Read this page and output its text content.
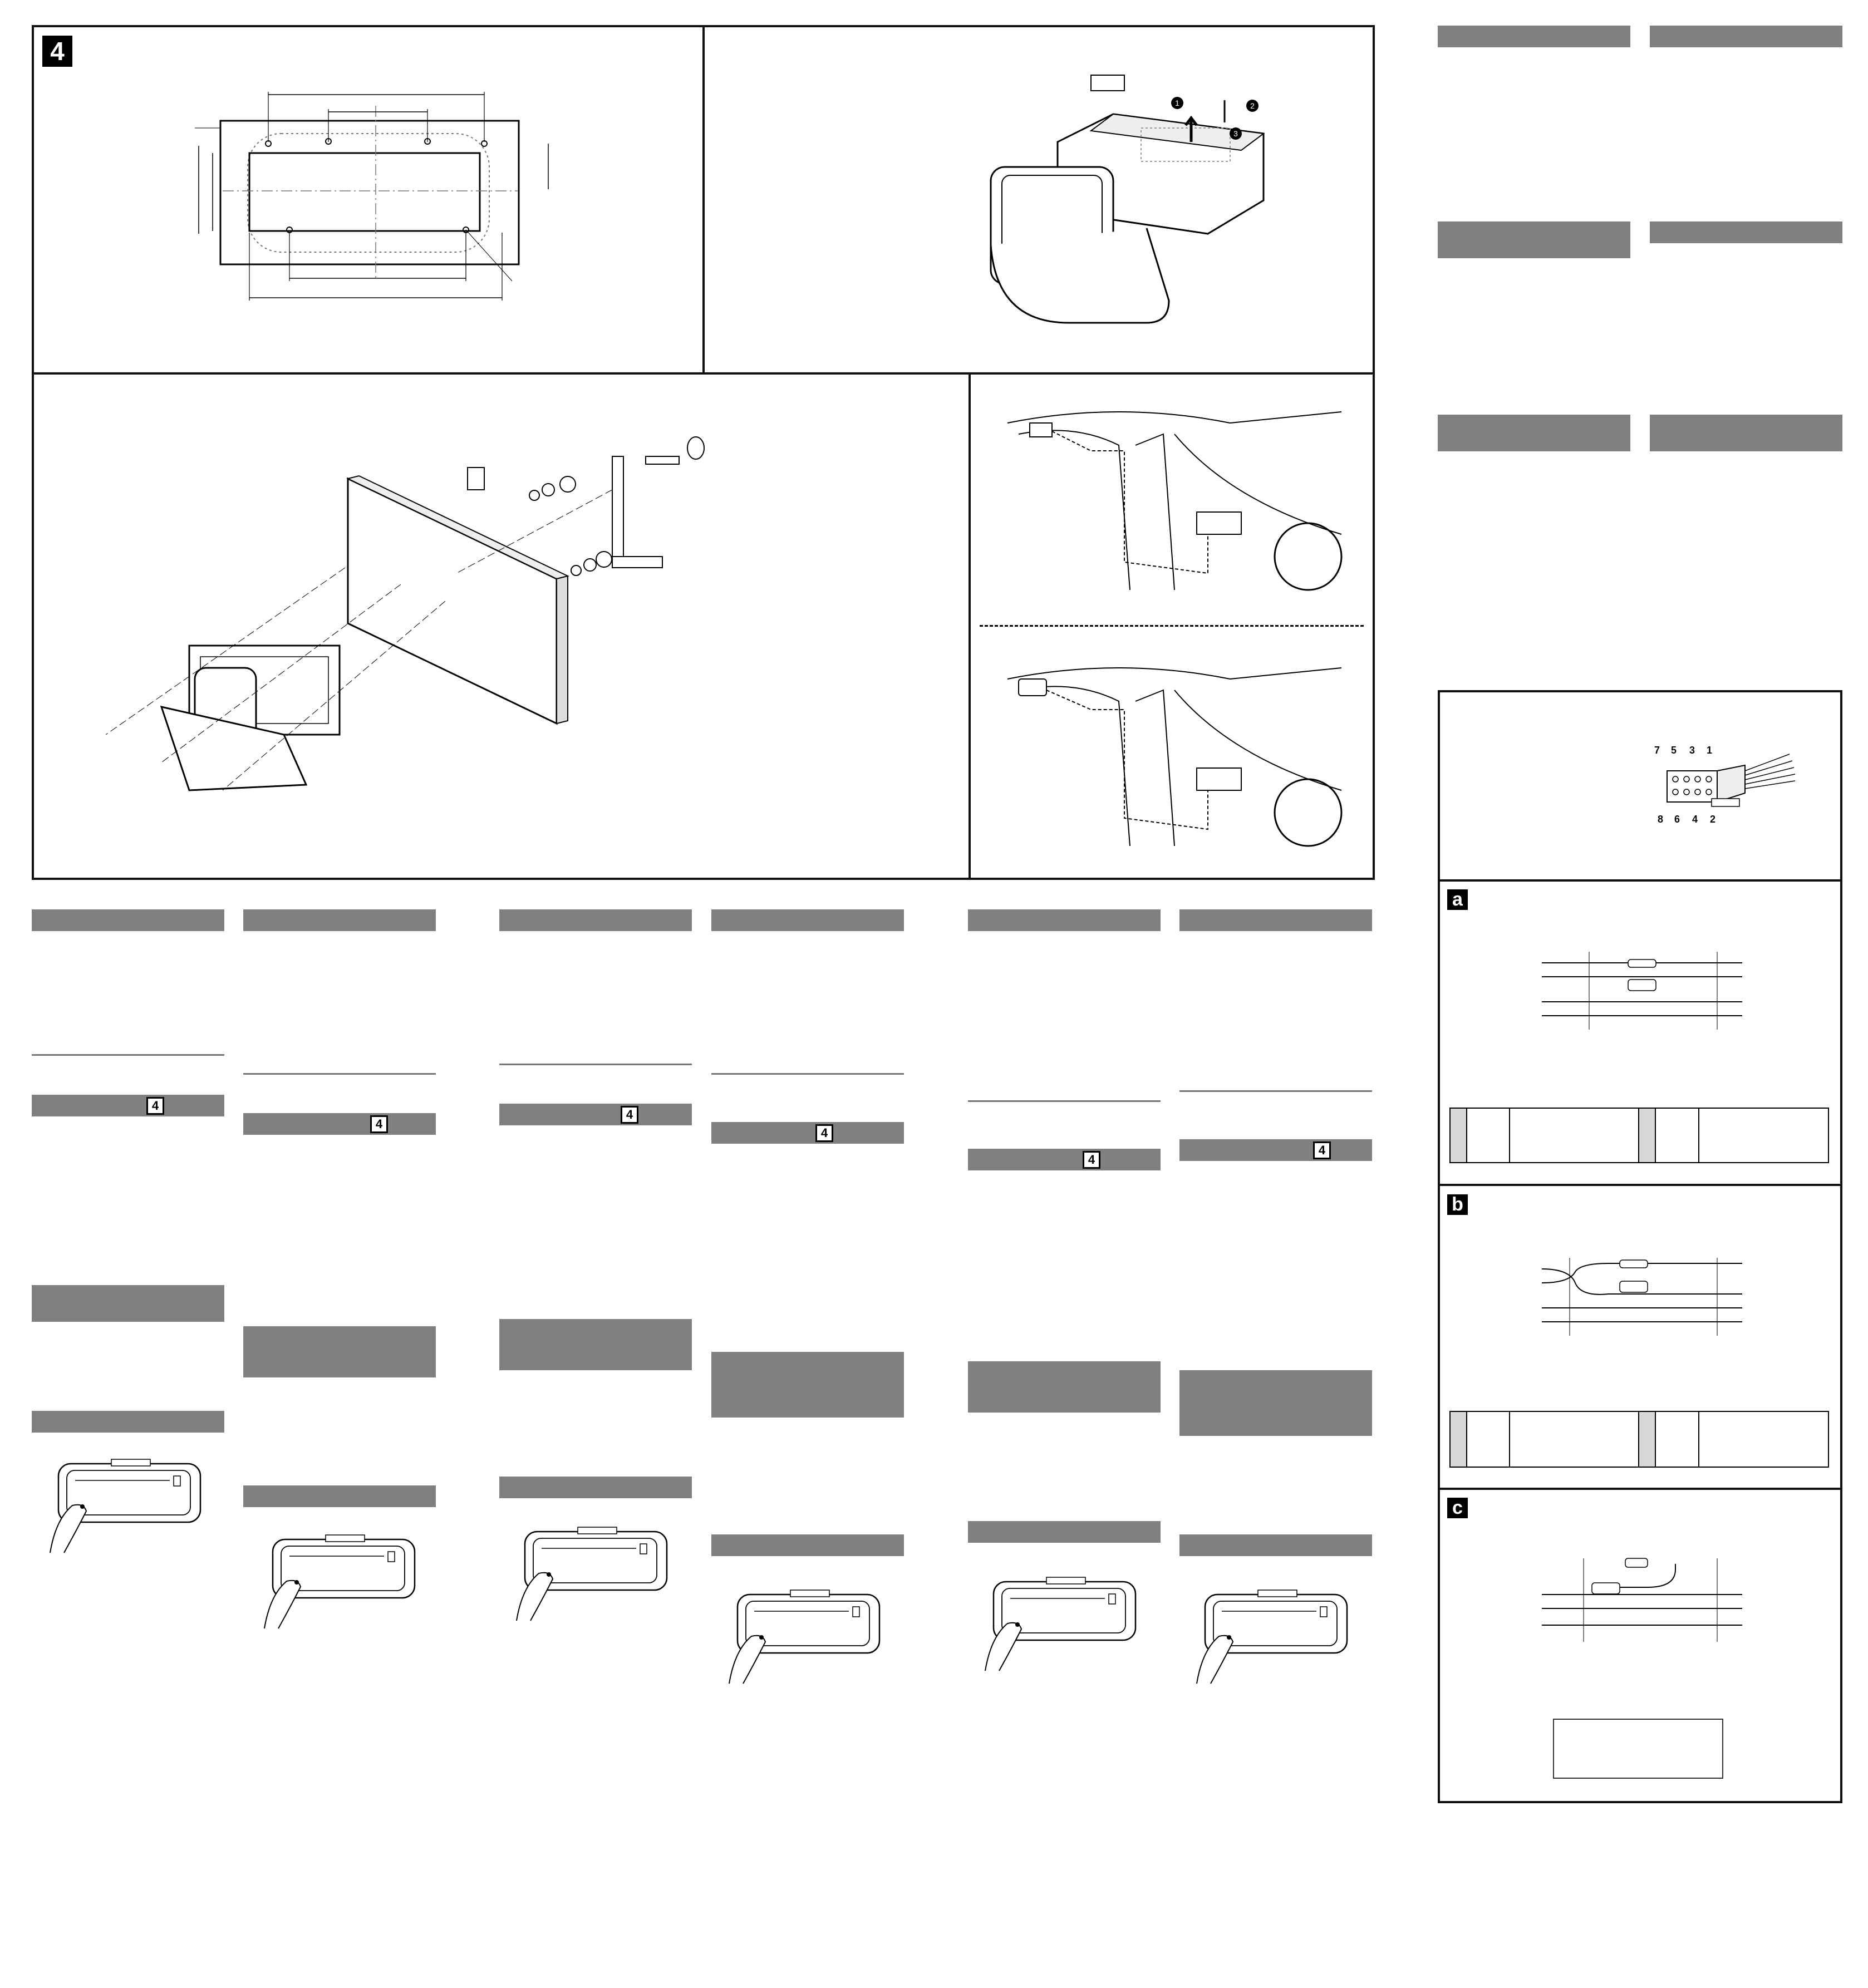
4
1	2
3
7 5 3 1
8 6 4 2
a
b
c
4
4
4
4
4
4
